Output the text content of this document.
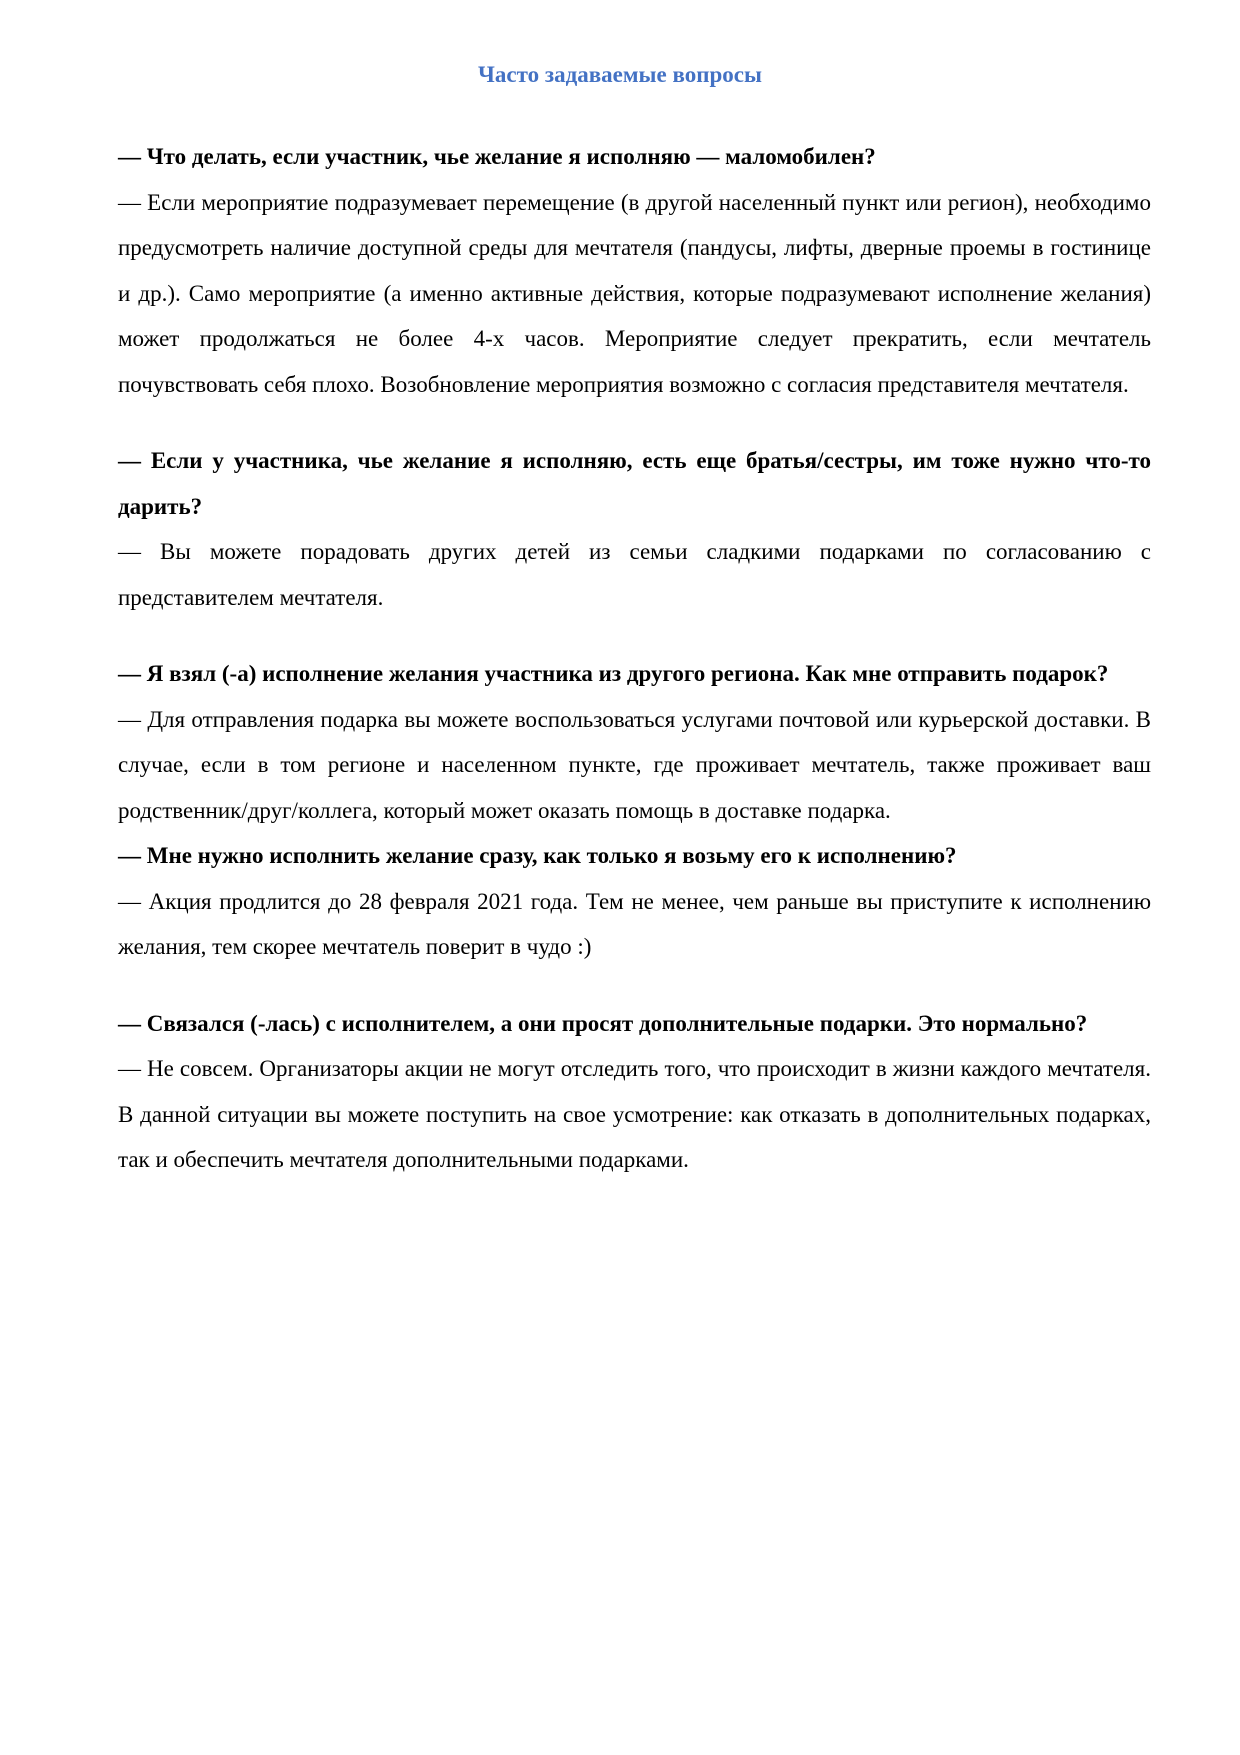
Часто задаваемые вопросы

— Что делать, если участник, чье желание я исполняю — маломобилен?

— Если мероприятие подразумевает перемещение (в другой населенный пункт или регион), необходимо предусмотреть наличие доступной среды для мечтателя (пандусы, лифты, дверные проемы в гостинице и др.). Само мероприятие (а именно активные действия, которые подразумевают исполнение желания) может продолжаться не более 4-х часов. Мероприятие следует прекратить, если мечтатель почувствовать себя плохо. Возобновление мероприятия возможно с согласия представителя мечтателя.

— Если у участника, чье желание я исполняю, есть еще братья/сестры, им тоже нужно что-то дарить?

— Вы можете порадовать других детей из семьи сладкими подарками по согласованию с представителем мечтателя.

— Я взял (-а) исполнение желания участника из другого региона. Как мне отправить подарок?

— Для отправления подарка вы можете воспользоваться услугами почтовой или курьерской доставки. В случае, если в том регионе и населенном пункте, где проживает мечтатель, также проживает ваш родственник/друг/коллега, который может оказать помощь в доставке подарка.

— Мне нужно исполнить желание сразу, как только я возьму его к исполнению?

— Акция продлится до 28 февраля 2021 года. Тем не менее, чем раньше вы приступите к исполнению желания, тем скорее мечтатель поверит в чудо :)

— Связался (-лась) с исполнителем, а они просят дополнительные подарки. Это нормально?

— Не совсем. Организаторы акции не могут отследить того, что происходит в жизни каждого мечтателя. В данной ситуации вы можете поступить на свое усмотрение: как отказать в дополнительных подарках, так и обеспечить мечтателя дополнительными подарками.
